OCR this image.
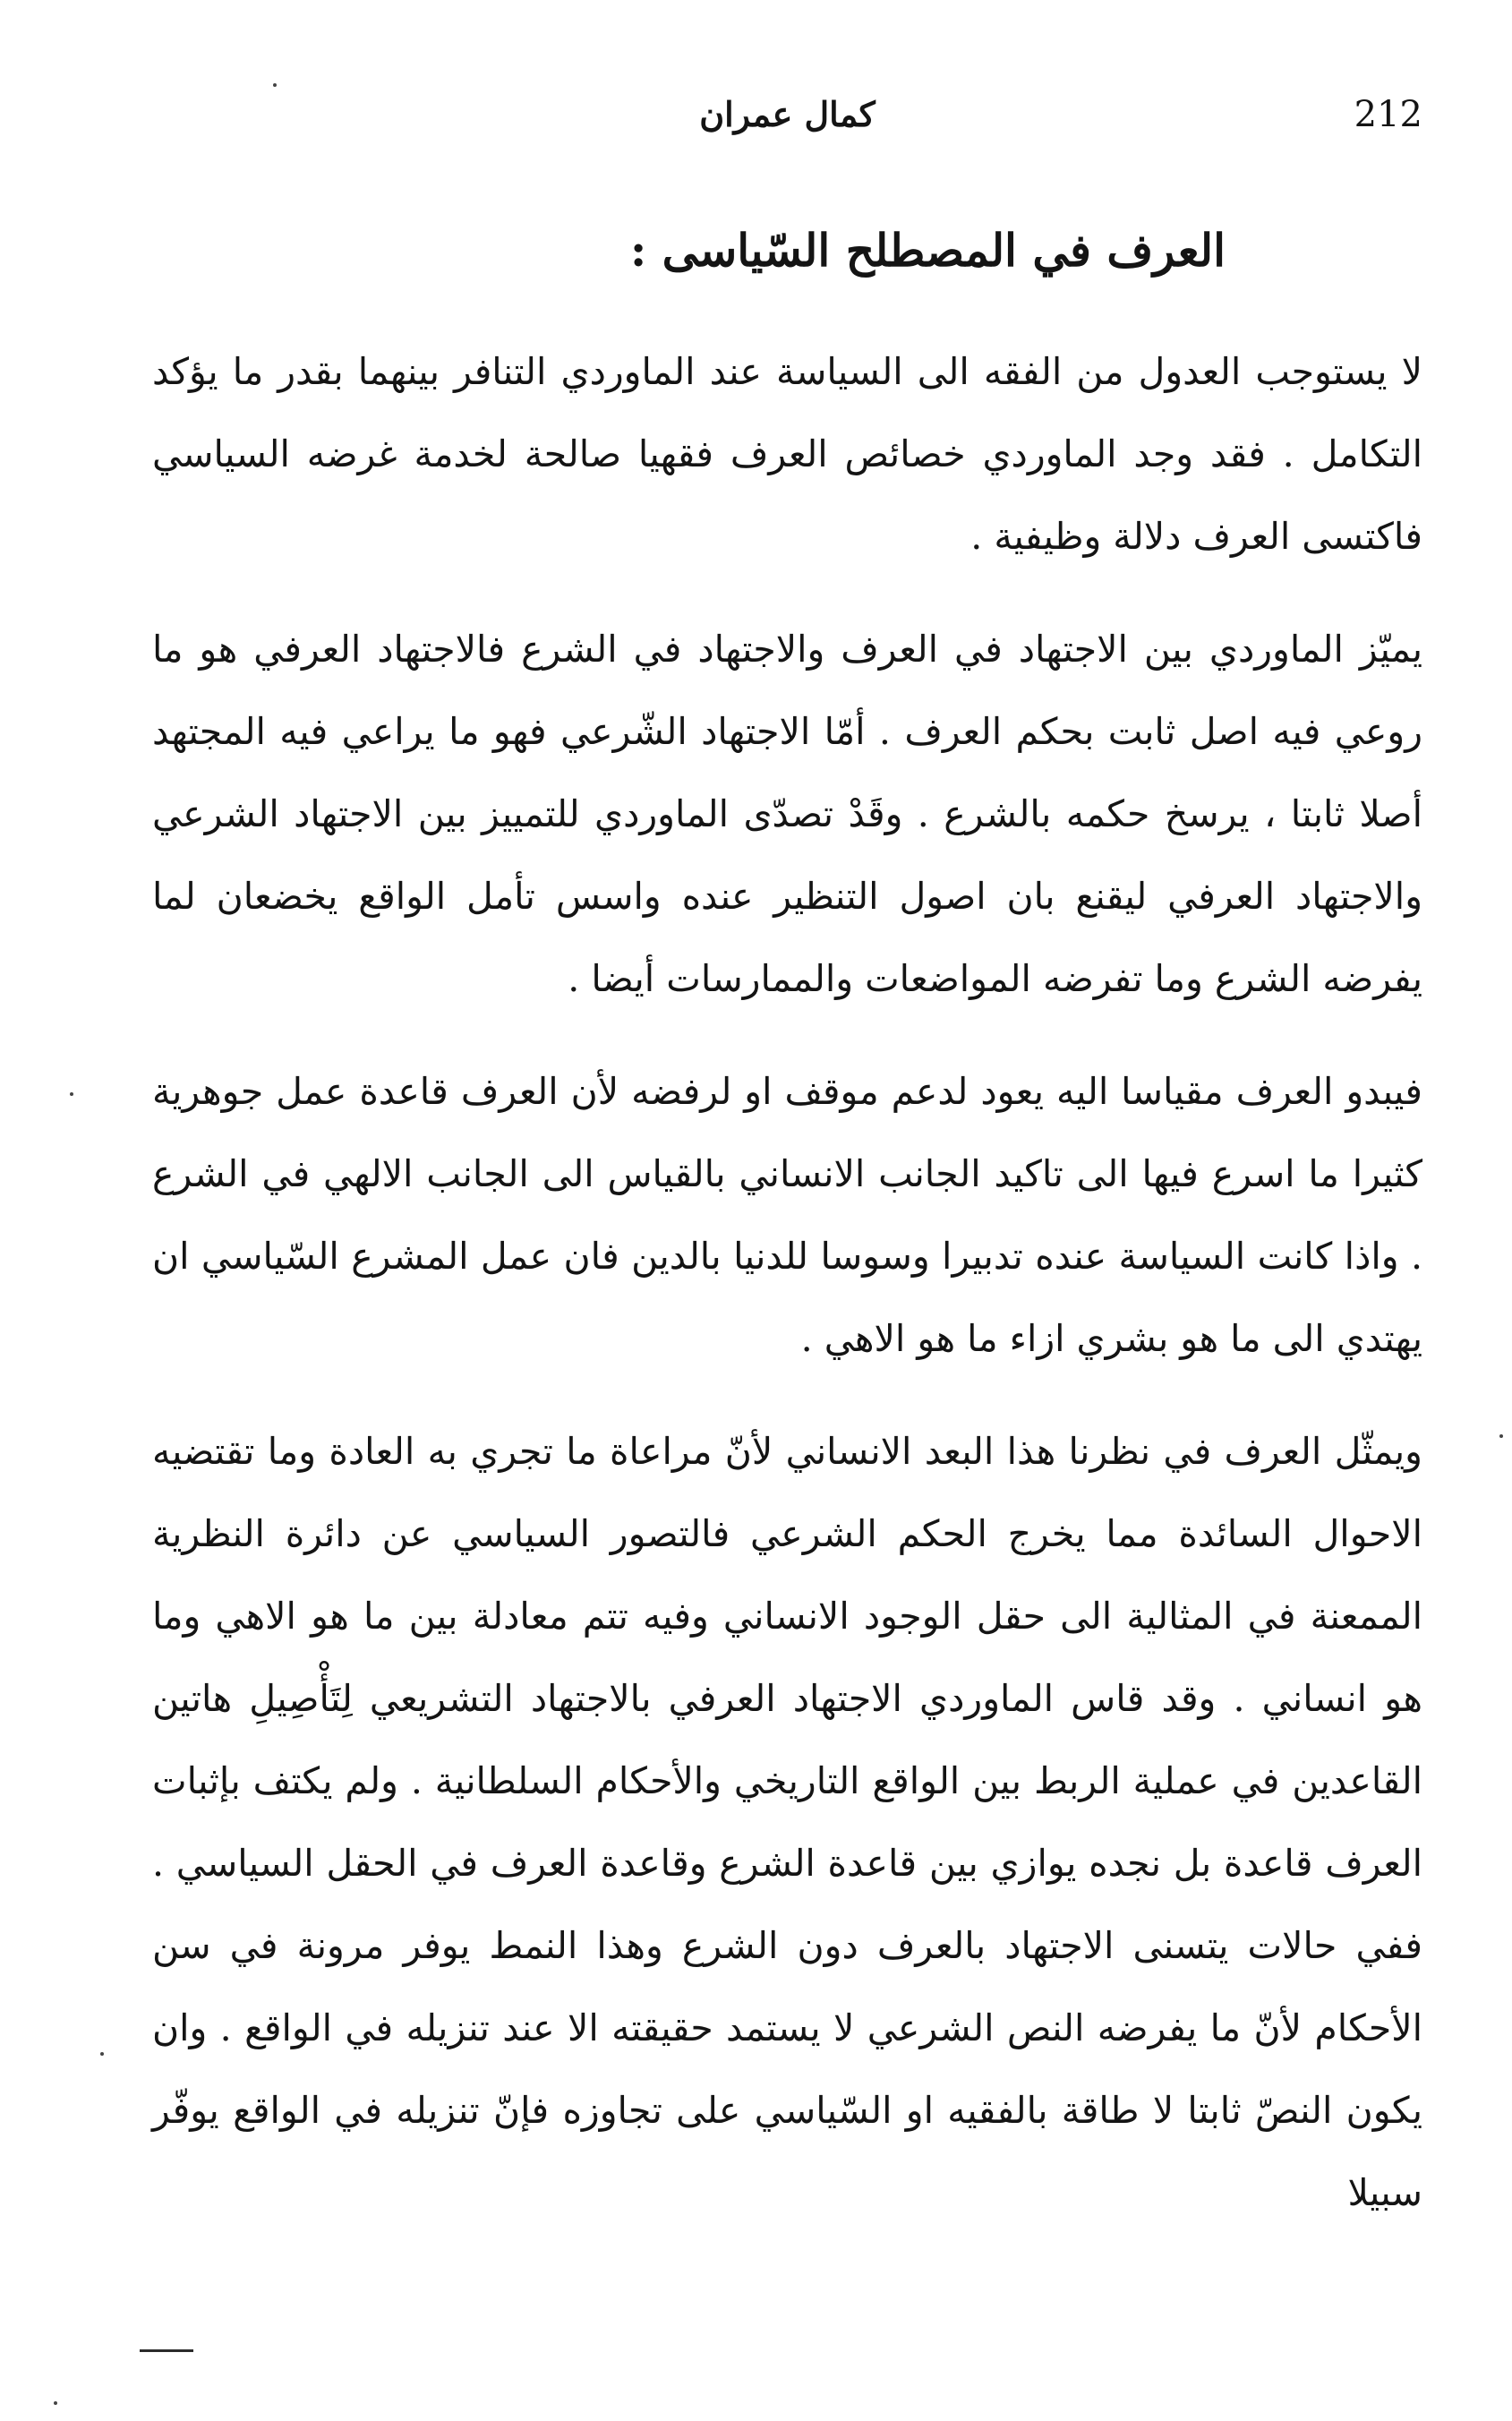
كمال عمران	212
العرف في المصطلح السّياسى :

لا يستوجب العدول من الفقه الى السياسة عند الماوردي التنافر بينهما بقدر ما يؤكد التكامل . فقد وجد الماوردي خصائص العرف فقهيا صالحة لخدمة غرضه السياسي فاكتسى العرف دلالة وظيفية .

يميّز الماوردي بين الاجتهاد في العرف والاجتهاد في الشرع فالاجتهاد العرفي هو ما روعي فيه اصل ثابت بحكم العرف . أمّا الاجتهاد الشّرعي فهو ما يراعي فيه المجتهد أصلا ثابتا ، يرسخ حكمه بالشرع . وقَدْ تصدّى الماوردي للتمييز بين الاجتهاد الشرعي والاجتهاد العرفي ليقنع بان اصول التنظير عنده واسس تأمل الواقع يخضعان لما يفرضه الشرع وما تفرضه المواضعات والممارسات أيضا .

فيبدو العرف مقياسا اليه يعود لدعم موقف او لرفضه لأن العرف قاعدة عمل جوهرية كثيرا ما اسرع فيها الى تاكيد الجانب الانساني بالقياس الى الجانب الالهي في الشرع . واذا كانت السياسة عنده تدبيرا وسوسا للدنيا بالدين فان عمل المشرع السّياسي ان يهتدي الى ما هو بشري ازاء ما هو الاهي .

ويمثّل العرف في نظرنا هذا البعد الانساني لأنّ مراعاة ما تجري به العادة وما تقتضيه الاحوال السائدة مما يخرج الحكم الشرعي فالتصور السياسي عن دائرة النظرية الممعنة في المثالية الى حقل الوجود الانساني وفيه تتم معادلة بين ما هو الاهي وما هو انساني . وقد قاس الماوردي الاجتهاد العرفي بالاجتهاد التشريعي لِتَأْصِيلِ هاتين القاعدين في عملية الربط بين الواقع التاريخي والأحكام السلطانية . ولم يكتف بإثبات العرف قاعدة بل نجده يوازي بين قاعدة الشرع وقاعدة العرف في الحقل السياسي . ففي حالات يتسنى الاجتهاد بالعرف دون الشرع وهذا النمط يوفر مرونة في سن الأحكام لأنّ ما يفرضه النص الشرعي لا يستمد حقيقته الا عند تنزيله في الواقع . وان يكون النصّ ثابتا لا طاقة بالفقيه او السّياسي على تجاوزه فإنّ تنزيله في الواقع يوفّر سبيلا
